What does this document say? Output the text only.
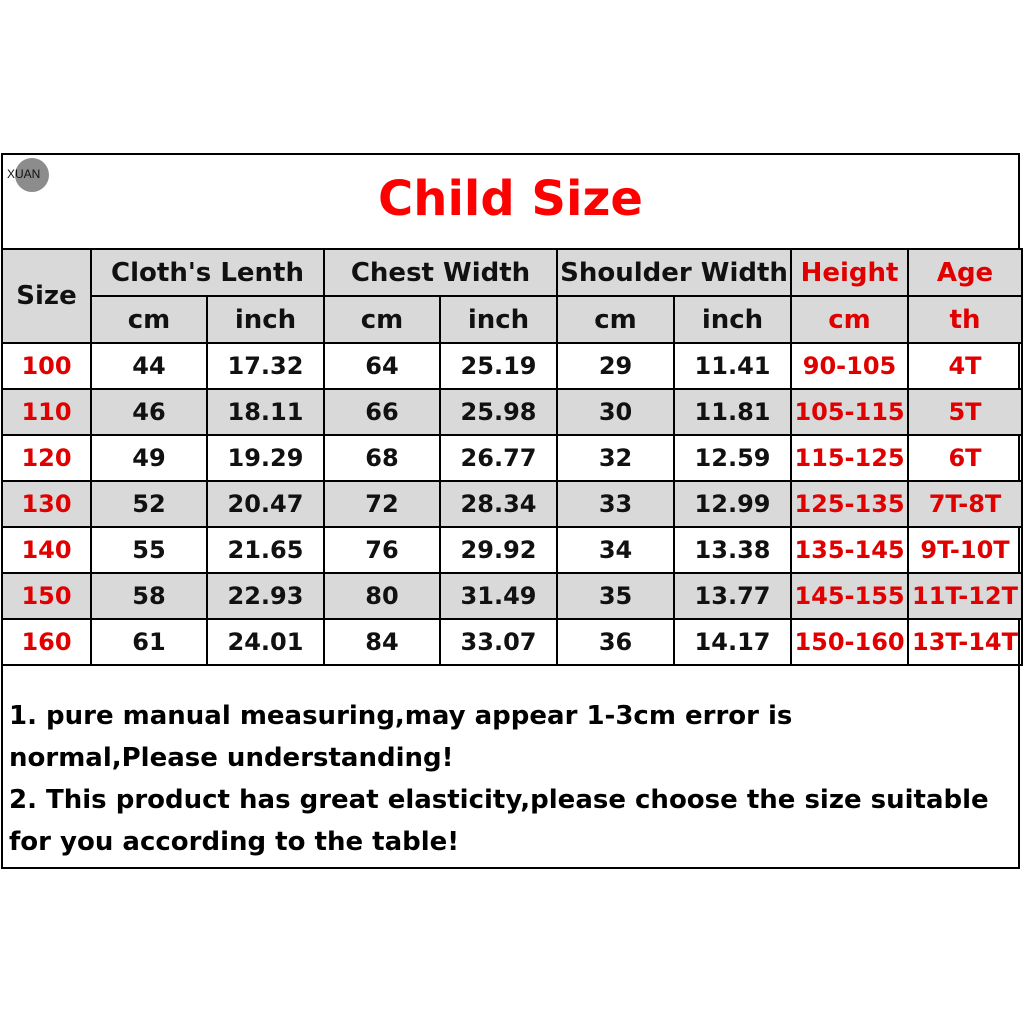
XUAN	Child Size
Size	Cloth's Lenth		Chest Width		Shoulder Width		Height	Age
	cm	inch	cm	inch	cm	inch	cm	th
100	44	17.32	64	25.19	29	11.41	90-105	4T
110	46	18.11	66	25.98	30	11.81	105-115	5T
120	49	19.29	68	26.77	32	12.59	115-125	6T
130	52	20.47	72	28.34	33	12.99	125-135	7T-8T
140	55	21.65	76	29.92	34	13.38	135-145	9T-10T
150	58	22.93	80	31.49	35	13.77	145-155	11T-12T
160	61	24.01	84	33.07	36	14.17	150-160	13T-14T

1. pure manual measuring,may appear 1-3cm error is normal,Please understanding!

2. This product has great elasticity,please choose the size suitable for you according to the table!
